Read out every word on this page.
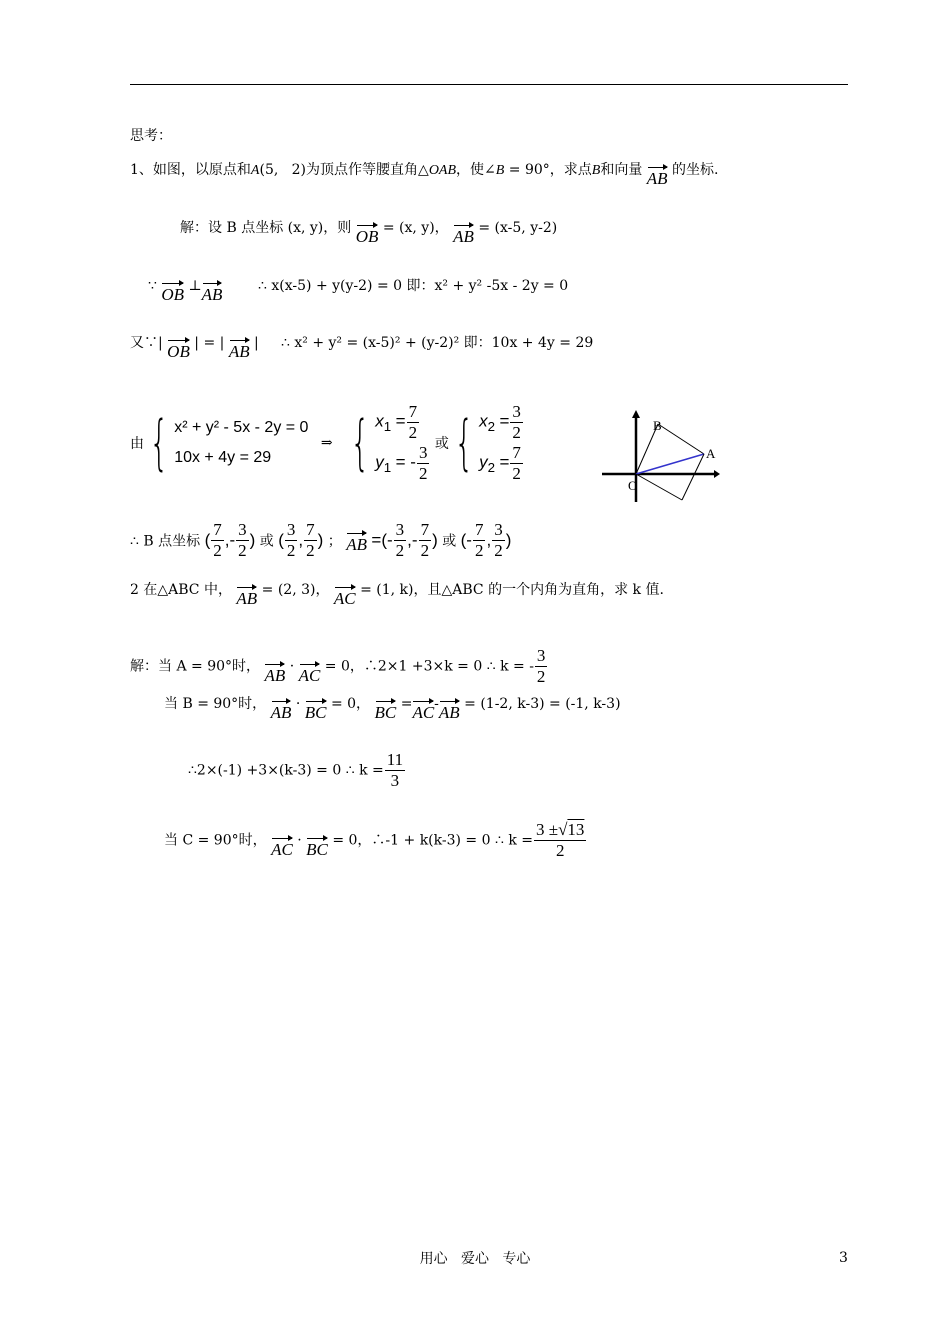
思考：
1、如图，以原点和A(5,   2)为顶点作等腰直角△OAB，使∠B = 90°，求点B和向量 AB 的坐标.
解：设 B 点坐标 (x, y)，则 OB = (x, y)， AB = (x-5, y-2)
∵ OB ⊥AB	∴ x(x-5) + y(y-2) = 0 即：x² + y² -5x - 2y = 0
又∵| OB | = | AB |     ∴ x² + y² = (x-5)² + (y-2)² 即：10x + 4y = 29
由{ x² + y² - 5x - 2y = 0
10x + 4y = 29
⇒ { $x_1 = \frac{7}{2}$
$y_1$ = - $\frac{3}{2}$ 或{ $x_2 = \frac{3}{2}$
$y_2 = \frac{7}{2}$
B
A
O
∴ B 点坐标 ( $\frac{7}{2}$ ,- $\frac{3}{2}$ ) 或 ( $\frac{3}{2}$ , $\frac{7}{2}$ ) ； AB =(- $\frac{3}{2}$ ,- $\frac{7}{2}$ ) 或 (- $\frac{7}{2}$ , $\frac{3}{2}$ )
2 在△ABC 中， AB = (2, 3)， AC = (1, k)，且△ABC 的一个内角为直角，求 k 值.
解：当 A = 90°时， AB · AC = 0，∴2×1 +3×k = 0 ∴ k = - $\frac{3}{2}$
当 B = 90°时， AB · BC = 0， BC =AC-AB = (1-2, k-3) = (-1, k-3)
∴2×(-1) +3×(k-3) = 0 ∴ $k = \frac{11}{3}$
当 C = 90°时， AC · BC = 0，∴-1 + k(k-3) = 0 ∴ $k = \frac{3 \pm√13}{2}$
用心   爱心   专心	3
